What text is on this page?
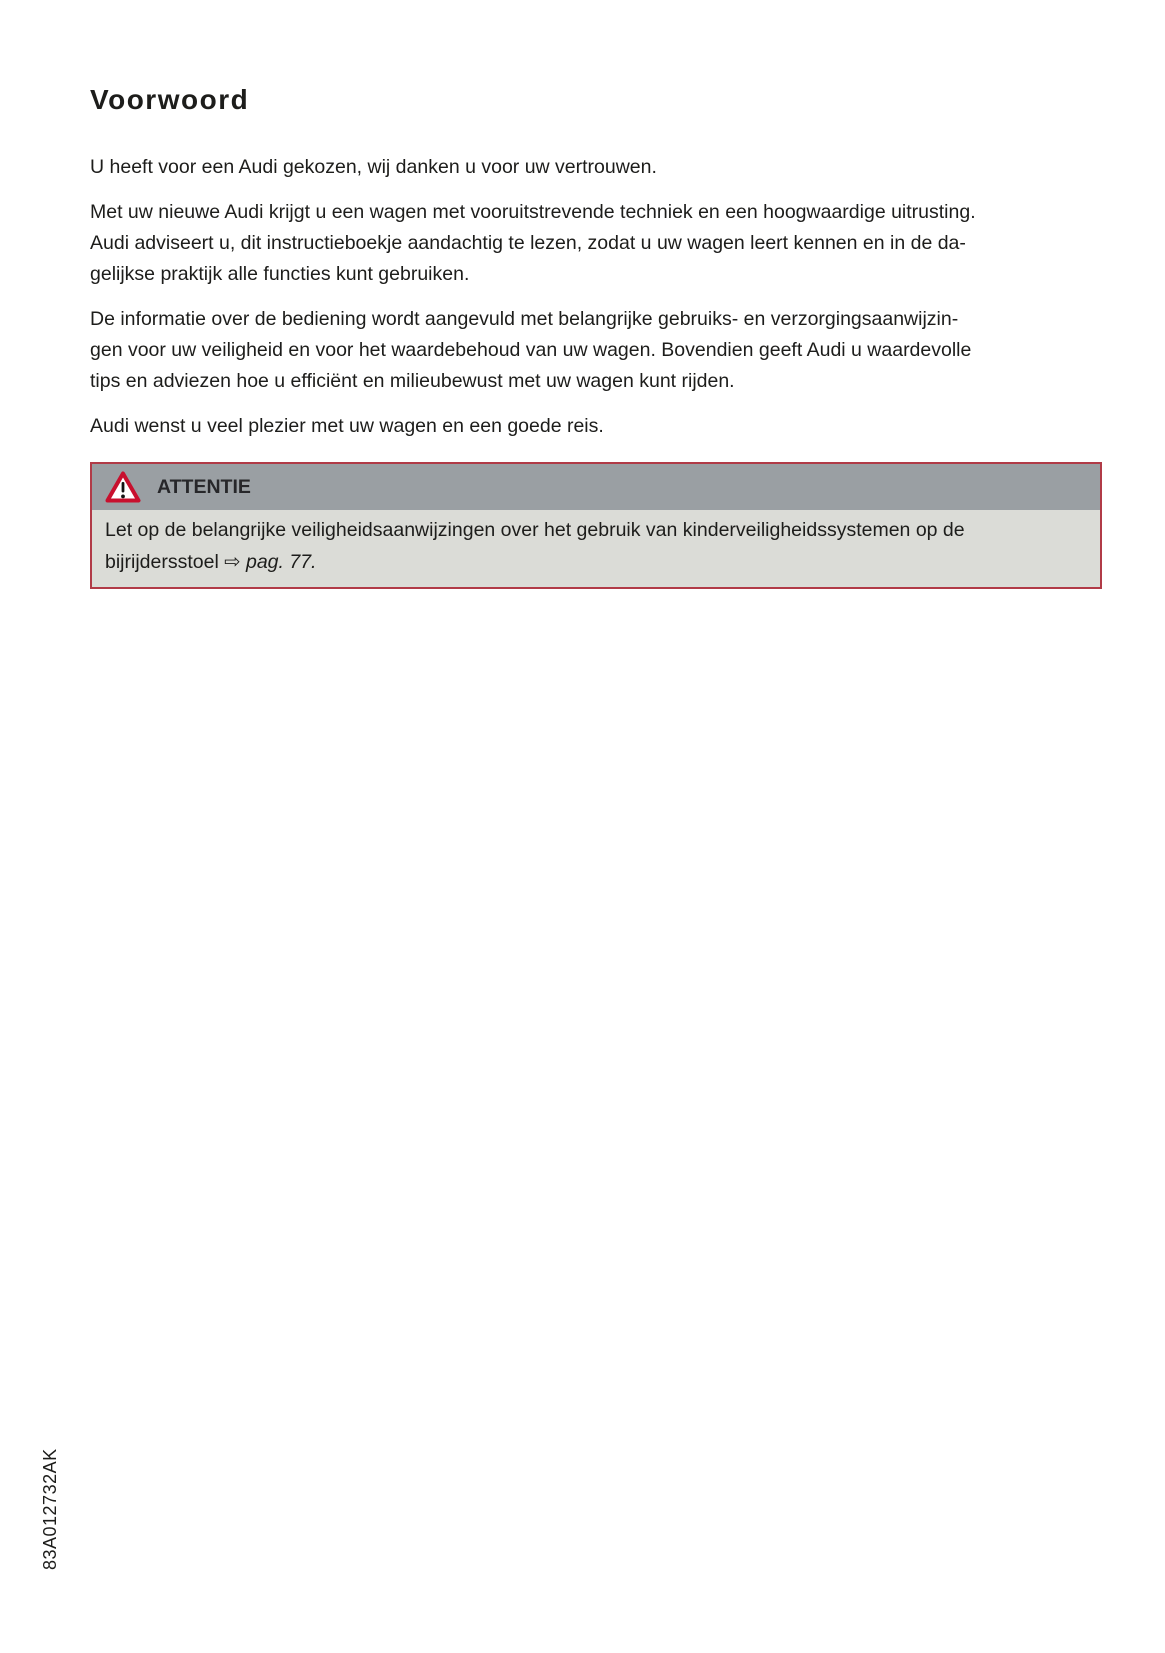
Voorwoord

U heeft voor een Audi gekozen, wij danken u voor uw vertrouwen.

Met uw nieuwe Audi krijgt u een wagen met vooruitstrevende techniek en een hoogwaardige uitrusting.
Audi adviseert u, dit instructieboekje aandachtig te lezen, zodat u uw wagen leert kennen en in de da-
gelijkse praktijk alle functies kunt gebruiken.

De informatie over de bediening wordt aangevuld met belangrijke gebruiks- en verzorgingsaanwijzin-
gen voor uw veiligheid en voor het waardebehoud van uw wagen. Bovendien geeft Audi u waardevolle
tips en adviezen hoe u efficiënt en milieubewust met uw wagen kunt rijden.

Audi wenst u veel plezier met uw wagen en een goede reis.

ATTENTIE
Let op de belangrijke veiligheidsaanwijzingen over het gebruik van kinderveiligheidssystemen op de
bijrijdersstoel ⇨ pag. 77.
83A012732AK
